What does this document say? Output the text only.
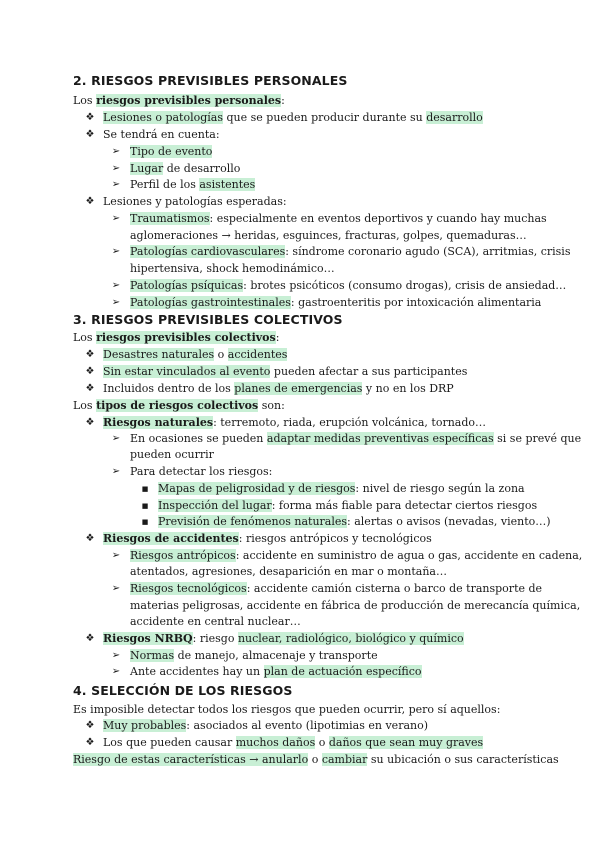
2. RIESGOS PREVISIBLES PERSONALES
Los riesgos previsibles personales:
❖ Lesiones o patologías que se pueden producir durante su desarrollo
❖ Se tendrá en cuenta:
➢ Tipo de evento
➢ Lugar de desarrollo
➢ Perfil de los asistentes
❖ Lesiones y patologías esperadas:
➢ Traumatismos: especialmente en eventos deportivos y cuando hay muchas
aglomeraciones → heridas, esguinces, fracturas, golpes, quemaduras…
➢ Patologías cardiovasculares: síndrome coronario agudo (SCA), arritmias, crisis
hipertensiva, shock hemodinámico…
➢ Patologías psíquicas: brotes psicóticos (consumo drogas), crisis de ansiedad…
➢ Patologías gastrointestinales: gastroenteritis por intoxicación alimentaria
3. RIESGOS PREVISIBLES COLECTIVOS
Los riesgos previsibles colectivos:
❖ Desastres naturales o accidentes
❖ Sin estar vinculados al evento pueden afectar a sus participantes
❖ Incluidos dentro de los planes de emergencias y no en los DRP
Los tipos de riesgos colectivos son:
❖ Riesgos naturales: terremoto, riada, erupción volcánica, tornado…
➢ En ocasiones se pueden adaptar medidas preventivas específicas si se prevé que
pueden ocurrir
➢ Para detectar los riesgos:
■ Mapas de peligrosidad y de riesgos: nivel de riesgo según la zona
■ Inspección del lugar: forma más fiable para detectar ciertos riesgos
■ Previsión de fenómenos naturales: alertas o avisos (nevadas, viento…)
❖ Riesgos de accidentes: riesgos antrópicos y tecnológicos
➢ Riesgos antrópicos: accidente en suministro de agua o gas, accidente en cadena,
atentados, agresiones, desaparición en mar o montaña…
➢ Riesgos tecnológicos: accidente camión cisterna o barco de transporte de
materias peligrosas, accidente en fábrica de producción de merecancía química,
accidente en central nuclear…
❖ Riesgos NRBQ: riesgo nuclear, radiológico, biológico y químico
➢ Normas de manejo, almacenaje y transporte
➢ Ante accidentes hay un plan de actuación específico
4. SELECCIÓN DE LOS RIESGOS
Es imposible detectar todos los riesgos que pueden ocurrir, pero sí aquellos:
❖ Muy probables: asociados al evento (lipotimias en verano)
❖ Los que pueden causar muchos daños o daños que sean muy graves
Riesgo de estas características → anularlo o cambiar su ubicación o sus características
